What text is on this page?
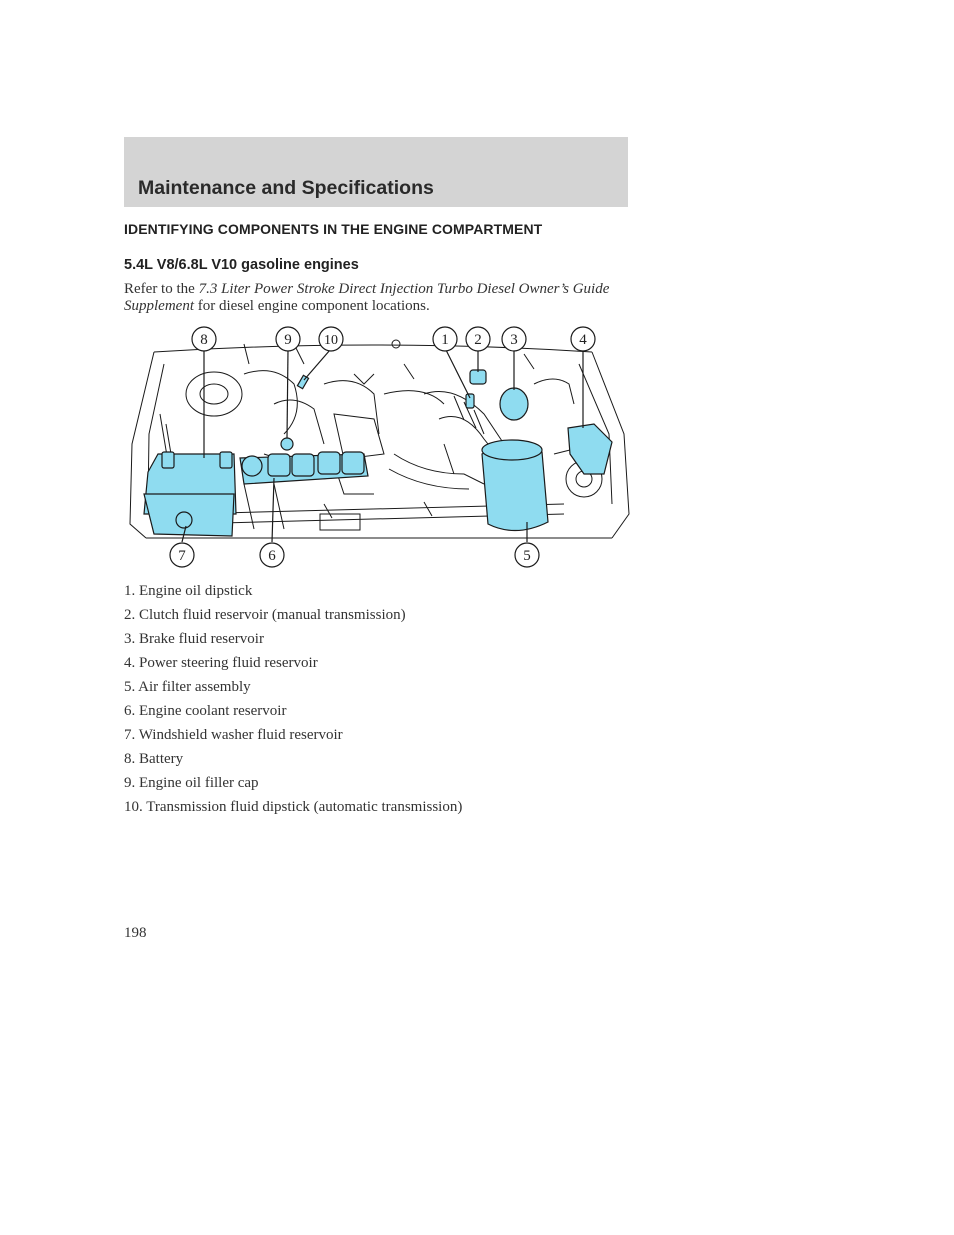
Maintenance and Specifications
IDENTIFYING COMPONENTS IN THE ENGINE COMPARTMENT
5.4L V8/6.8L V10 gasoline engines

Refer to the 7.3 Liter Power Stroke Direct Injection Turbo Diesel Owner’s Guide Supplement for diesel engine component locations.

8	9 10	1 2 3	4
7	6	5
1. Engine oil dipstick
2. Clutch fluid reservoir (manual transmission)
3. Brake fluid reservoir
4. Power steering fluid reservoir
5. Air filter assembly
6. Engine coolant reservoir
7. Windshield washer fluid reservoir
8. Battery
9. Engine oil filler cap
10. Transmission fluid dipstick (automatic transmission)
198
